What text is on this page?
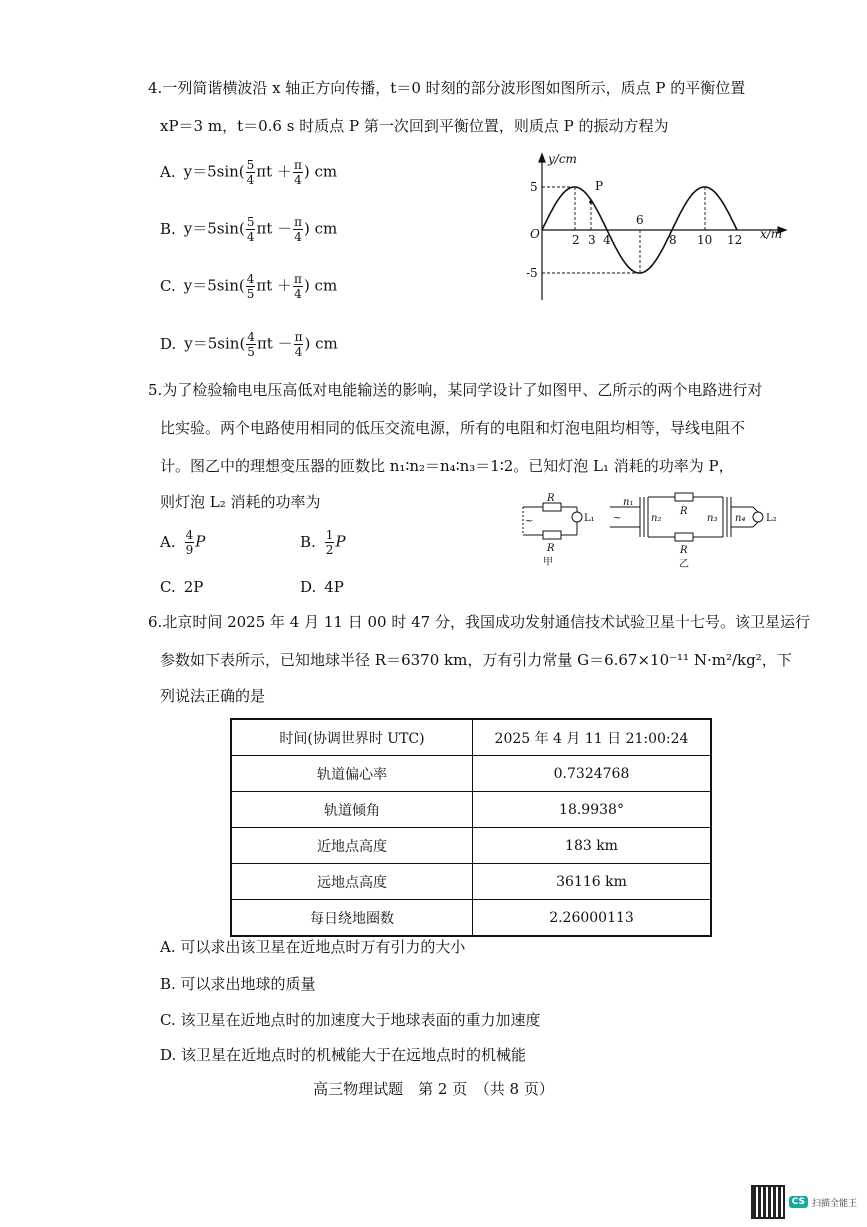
4.一列简谐横波沿 x 轴正方向传播，t＝0 时刻的部分波形图如图所示，质点 P 的平衡位置
xP＝3 m，t＝0.6 s 时质点 P 第一次回到平衡位置，则质点 P 的振动方程为
A. $y=5\sin( \frac{5}{4}$ $\pi t + \frac{\pi}{4}$ ) cm
B. $y=5\sin( \frac{5}{4}$ $\pi t - \frac{\pi}{4}$ ) cm
C. $y=5\sin( \frac{4}{5}$ $\pi t + \frac{\pi}{4}$ ) cm
D. $y=5\sin( \frac{4}{5}$ $\pi t - \frac{\pi}{4}$ ) cm
y/cm
x/m
O
P
5
-5
2 3 4
6
8 10 12
5.为了检验输电电压高低对电能输送的影响，某同学设计了如图甲、乙所示的两个电路进行对
比实验。两个电路使用相同的低压交流电源，所有的电阻和灯泡电阻均相等，导线电阻不
计。图乙中的理想变压器的匝数比 n₁∶n₂＝n₄∶n₃＝1∶2。已知灯泡 L₁ 消耗的功率为 P，
则灯泡 L₂ 消耗的功率为
A. $\frac{4}{9}$ P	B. $\frac{1}{2}$ P
C. 2P	D. 4P
~
R
R
L₁
甲
~
n₁
n₂
R
R
n₃ n₄ L₂
乙
6.北京时间 2025 年 4 月 11 日 00 时 47 分，我国成功发射通信技术试验卫星十七号。该卫星运行
参数如下表所示，已知地球半径 R＝6370 km，万有引力常量 G＝6.67×10⁻¹¹ N·m²/kg²，下
列说法正确的是
时间(协调世界时 UTC)	2025 年 4 月 11 日 21:00:24
轨道偏心率	0.7324768
轨道倾角	18.9938°
近地点高度	183 km
远地点高度	36116 km
每日绕地圈数	2.26000113
A. 可以求出该卫星在近地点时万有引力的大小
B. 可以求出地球的质量
C. 该卫星在近地点时的加速度大于地球表面的重力加速度
D. 该卫星在近地点时的机械能大于在远地点时的机械能
高三物理试题　第 2 页　（共 8 页）
CS 扫描全能王
